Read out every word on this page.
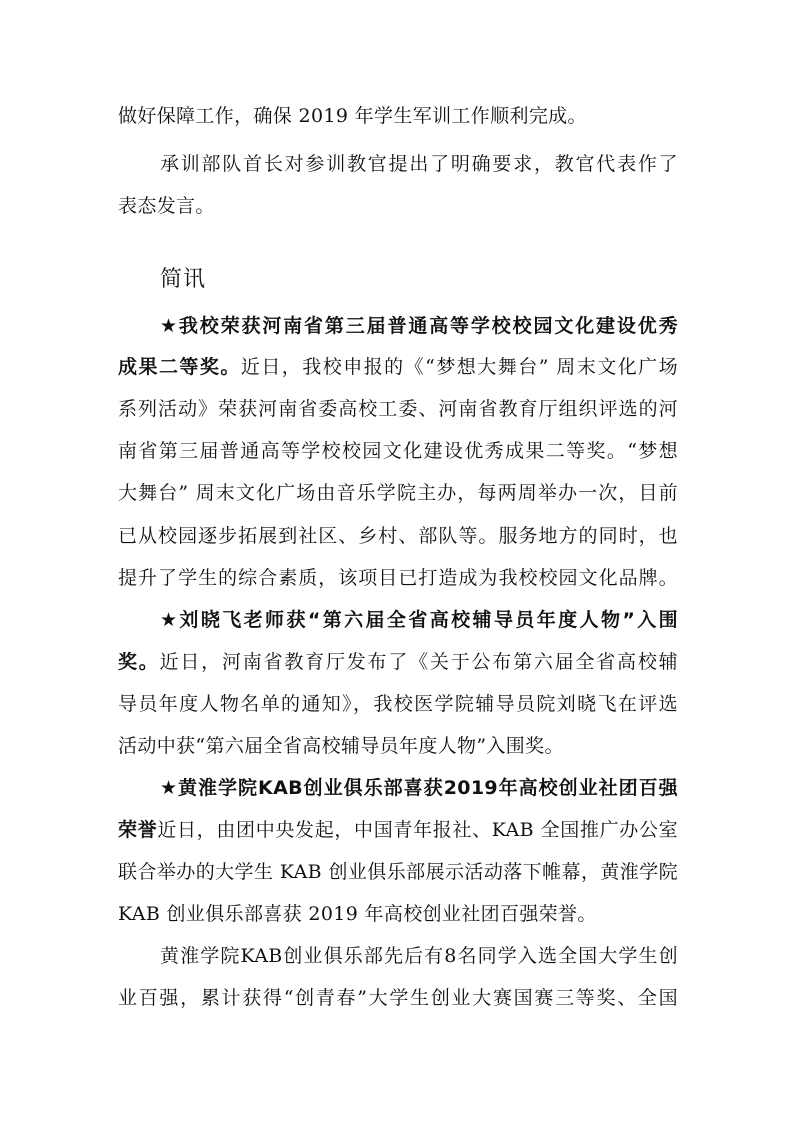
做好保障工作，确保 2019 年学生军训工作顺利完成。
承训部队首长对参训教官提出了明确要求，教官代表作了
表态发言。
简讯
★我校荣获河南省第三届普通高等学校校园文化建设优秀
成果二等奖。近日，我校申报的《“梦想大舞台” 周末文化广场
系列活动》荣获河南省委高校工委、河南省教育厅组织评选的河
南省第三届普通高等学校校园文化建设优秀成果二等奖。“梦想
大舞台” 周末文化广场由音乐学院主办，每两周举办一次，目前
已从校园逐步拓展到社区、乡村、部队等。服务地方的同时，也
提升了学生的综合素质，该项目已打造成为我校校园文化品牌。
★刘晓飞老师获“第六届全省高校辅导员年度人物”入围
奖。近日，河南省教育厅发布了《关于公布第六届全省高校辅
导员年度人物名单的通知》，我校医学院辅导员院刘晓飞在评选
活动中获“第六届全省高校辅导员年度人物”入围奖。
★黄淮学院KAB创业俱乐部喜获2019年高校创业社团百强
荣誉近日，由团中央发起，中国青年报社、KAB 全国推广办公室
联合举办的大学生 KAB 创业俱乐部展示活动落下帷幕，黄淮学院
KAB 创业俱乐部喜获 2019 年高校创业社团百强荣誉。
黄淮学院KAB创业俱乐部先后有8名同学入选全国大学生创
业百强，累计获得“创青春”大学生创业大赛国赛三等奖、全国
